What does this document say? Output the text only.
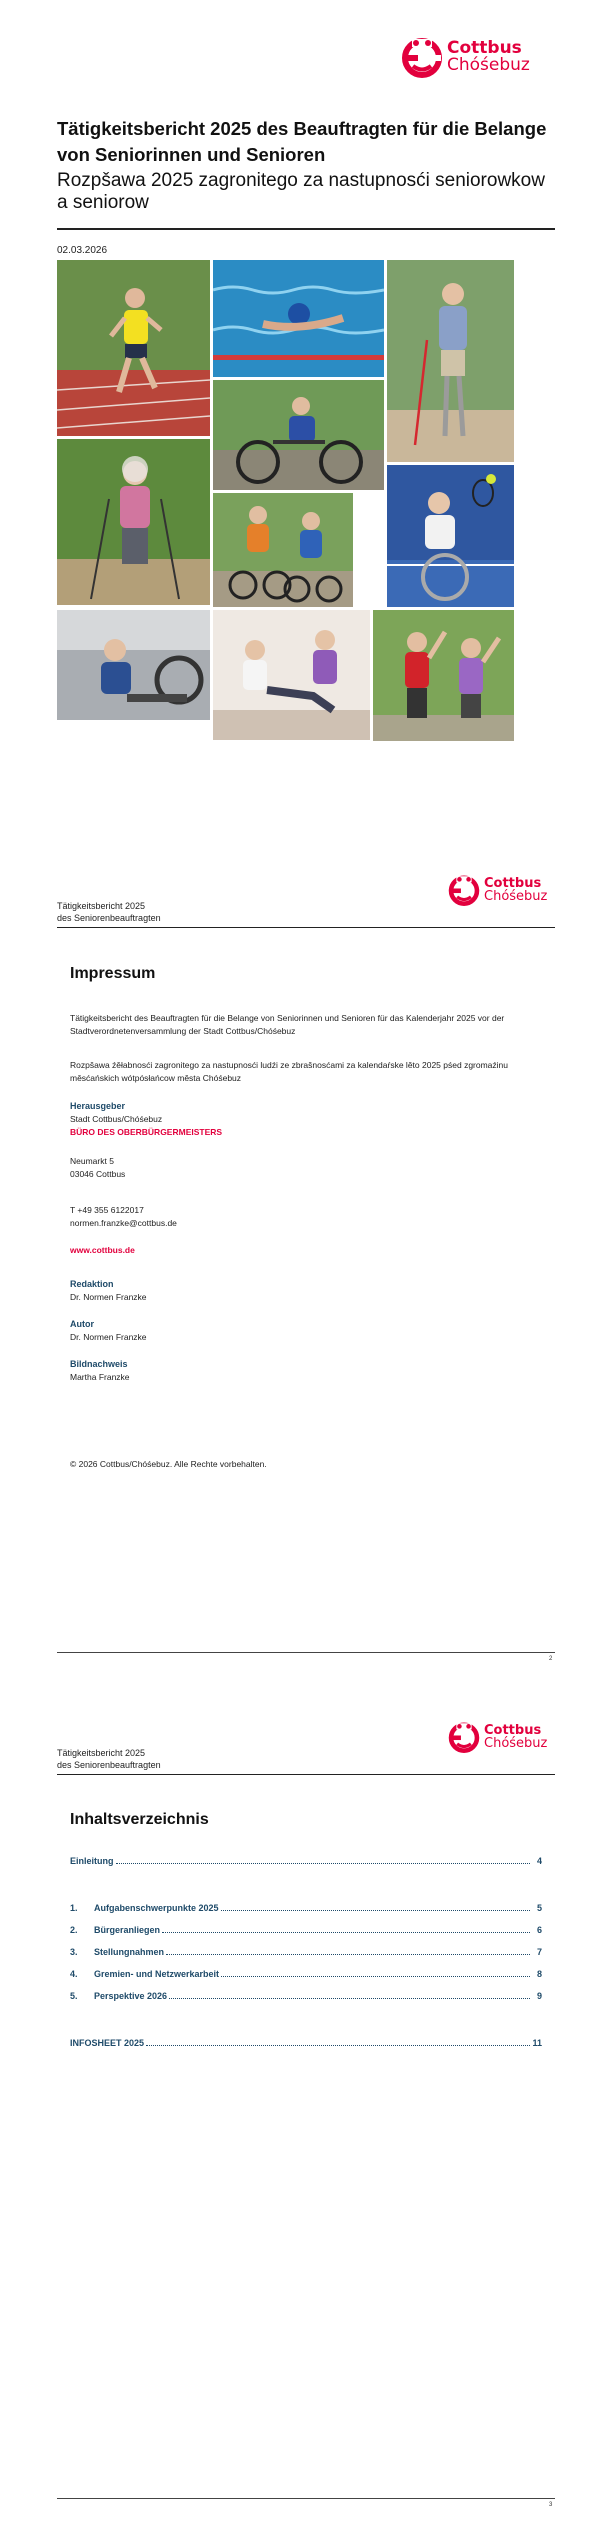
Cottbus
Chóśebuz
Tätigkeitsbericht 2025 des Beauftragten für die Belange von Seniorinnen und Senioren
Rozpšawa 2025 zagronitego za nastupnosći seniorowkow a seniorow
02.03.2026
Tätigkeitsbericht 2025
des Seniorenbeauftragten
Cottbus
Chóśebuz
Impressum
Tätigkeitsbericht des Beauftragten für die Belange von Seniorinnen und Senioren für das Kalenderjahr 2025 vor der Stadtverordnetenversammlung der Stadt Cottbus/Chóśebuz
Rozpšawa źěłabnosći zagronitego za nastupnosći ludźi ze zbrašnosćami za kalendaŕske lěto 2025 pśed zgromaźinu měsćańskich wótpósłańcow města Chóśebuz
Herausgeber
Stadt Cottbus/Chóśebuz
BÜRO DES OBERBÜRGERMEISTERS
Neumarkt 5
03046 Cottbus
T +49 355 6122017
normen.franzke@cottbus.de
www.cottbus.de
Redaktion
Dr. Normen Franzke
Autor
Dr. Normen Franzke
Bildnachweis
Martha Franzke
© 2026 Cottbus/Chóśebuz. Alle Rechte vorbehalten.
2
Tätigkeitsbericht 2025
des Seniorenbeauftragten
Cottbus
Chóśebuz
Inhaltsverzeichnis
Einleitung	4
1.	Aufgabenschwerpunkte 2025	5
2.	Bürgeranliegen	6
3.	Stellungnahmen	7
4.	Gremien- und Netzwerkarbeit	8
5.	Perspektive 2026	9
INFOSHEET 2025	11
3
